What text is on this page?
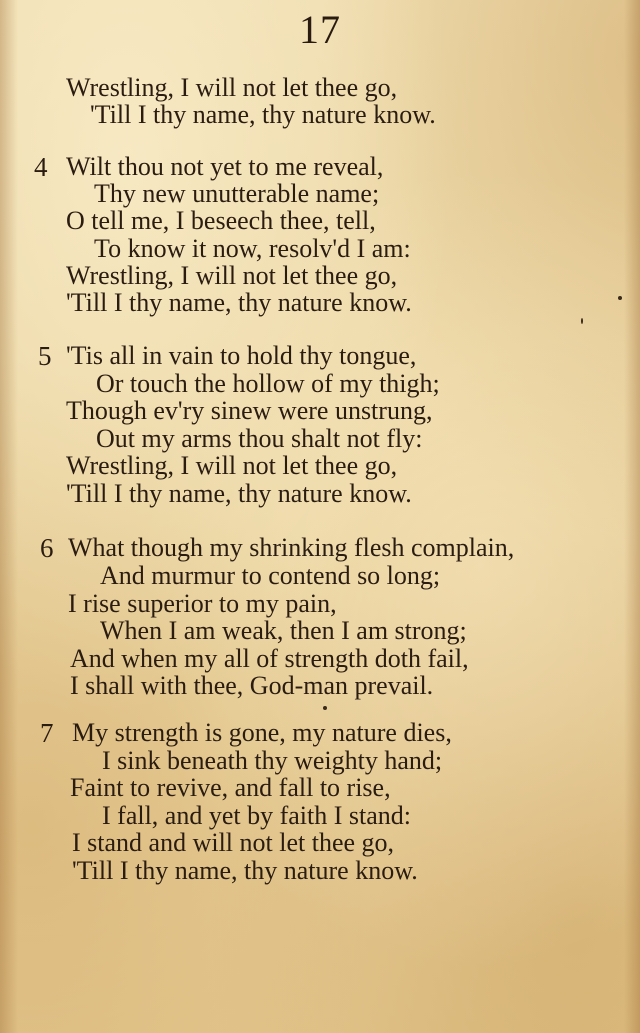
17
Wrestling, I will not let thee go,
'Till I thy name, thy nature know.
4 Wilt thou not yet to me reveal,
Thy new unutterable name;
O tell me, I beseech thee, tell,
To know it now, resolv'd I am:
Wrestling, I will not let thee go,
'Till I thy name, thy nature know.
5 'Tis all in vain to hold thy tongue,
Or touch the hollow of my thigh;
Though ev'ry sinew were unstrung,
Out my arms thou shalt not fly:
Wrestling, I will not let thee go,
'Till I thy name, thy nature know.
6 What though my shrinking flesh complain,
And murmur to contend so long;
I rise superior to my pain,
When I am weak, then I am strong;
And when my all of strength doth fail,
I shall with thee, God-man prevail.
7 My strength is gone, my nature dies,
I sink beneath thy weighty hand;
Faint to revive, and fall to rise,
I fall, and yet by faith I stand:
I stand and will not let thee go,
'Till I thy name, thy nature know.
